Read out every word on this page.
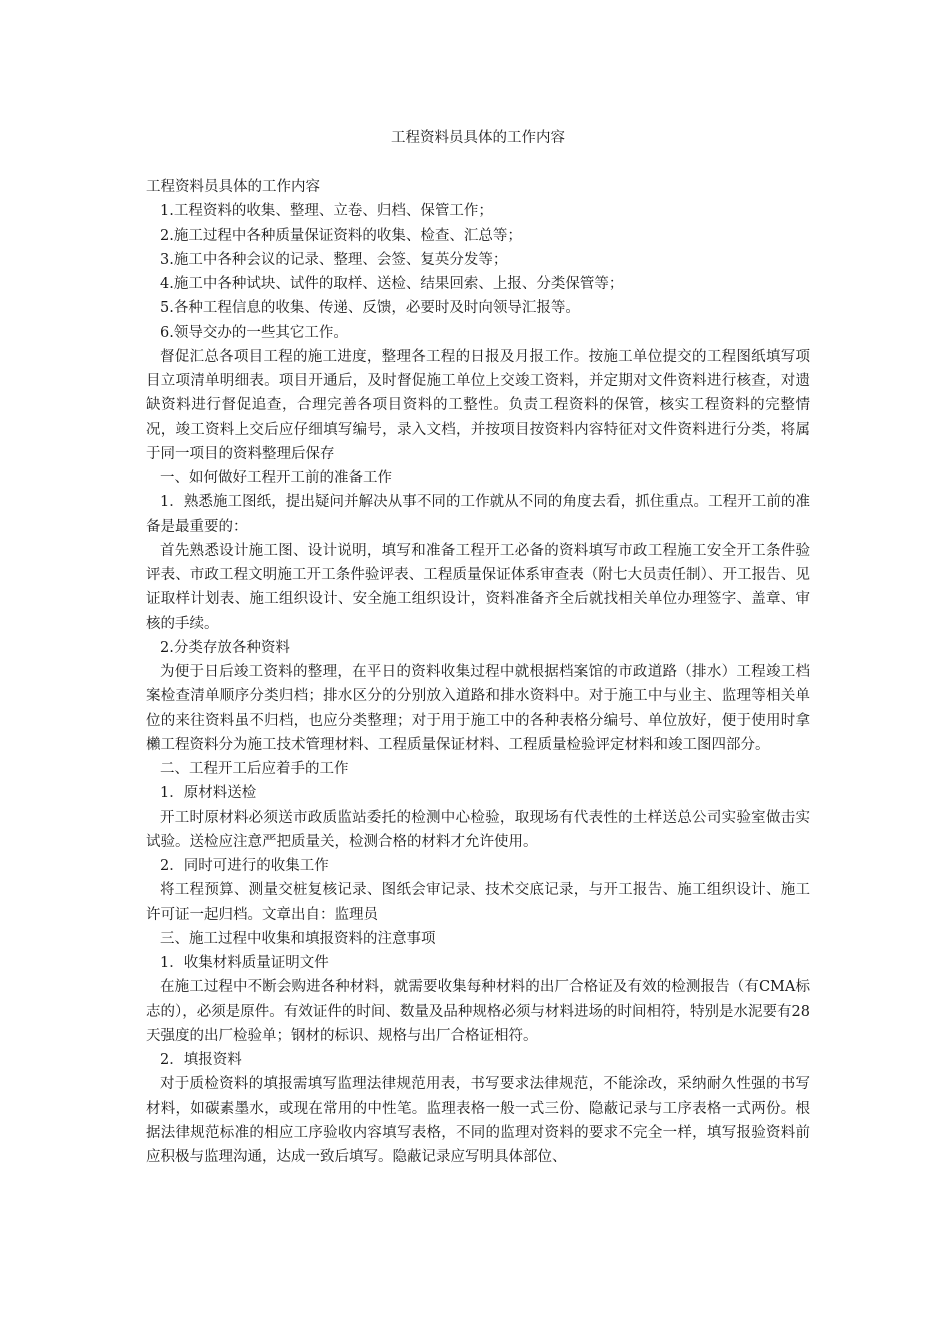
工程资料员具体的工作内容

工程资料员具体的工作内容

1.工程资料的收集、整理、立卷、归档、保管工作；

2.施工过程中各种质量保证资料的收集、检查、汇总等；

3.施工中各种会议的记录、整理、会签、复英分发等；

4.施工中各种试块、试件的取样、送检、结果回索、上报、分类保管等；

5.各种工程信息的收集、传递、反馈，必要时及时向领导汇报等。

6.领导交办的一些其它工作。

督促汇总各项目工程的施工进度，整理各工程的日报及月报工作。按施工单位提交的工程图纸填写项目立项清单明细表。项目开通后，及时督促施工单位上交竣工资料，并定期对文件资料进行核查，对遗缺资料进行督促追查，合理完善各项目资料的工整性。负责工程资料的保管，核实工程资料的完整情况，竣工资料上交后应仔细填写编号，录入文档，并按项目按资料内容特征对文件资料进行分类，将属于同一项目的资料整理后保存

一、如何做好工程开工前的准备工作

1．熟悉施工图纸，提出疑问并解决从事不同的工作就从不同的角度去看，抓住重点。工程开工前的准备是最重要的：

首先熟悉设计施工图、设计说明，填写和准备工程开工必备的资料填写市政工程施工安全开工条件验评表、市政工程文明施工开工条件验评表、工程质量保证体系审查表（附七大员责任制）、开工报告、见证取样计划表、施工组织设计、安全施工组织设计，资料准备齐全后就找相关单位办理签字、盖章、审核的手续。

2.分类存放各种资料

为便于日后竣工资料的整理，在平日的资料收集过程中就根据档案馆的市政道路（排水）工程竣工档案检查清单顺序分类归档；排水区分的分别放入道路和排水资料中。对于施工中与业主、监理等相关单位的来往资料虽不归档，也应分类整理；对于用于施工中的各种表格分编号、单位放好，便于使用时拿櫴工程资料分为施工技术管理材料、工程质量保证材料、工程质量检验评定材料和竣工图四部分。

二、工程开工后应着手的工作

1．原材料送检

开工时原材料必须送市政质监站委托的检测中心检验，取现场有代表性的土样送总公司实验室做击实试验。送检应注意严把质量关，检测合格的材料才允许使用。

2．同时可进行的收集工作

将工程预算、测量交桩复核记录、图纸会审记录、技术交底记录，与开工报告、施工组织设计、施工许可证一起归档。文章出自：监理员

三、施工过程中收集和填报资料的注意事项

1．收集材料质量证明文件

在施工过程中不断会购进各种材料，就需要收集每种材料的出厂合格证及有效的检测报告（有CMA标志的），必须是原件。有效证件的时间、数量及品种规格必须与材料进场的时间相符，特别是水泥要有28天强度的出厂检验单；钢材的标识、规格与出厂合格证相符。

2．填报资料

对于质检资料的填报需填写监理法律规范用表，书写要求法律规范，不能涂改，采纳耐久性强的书写材料，如碳素墨水，或现在常用的中性笔。监理表格一般一式三份、隐蔽记录与工序表格一式两份。根据法律规范标准的相应工序验收内容填写表格，不同的监理对资料的要求不完全一样，填写报验资料前应积极与监理沟通，达成一致后填写。隐蔽记录应写明具体部位、
